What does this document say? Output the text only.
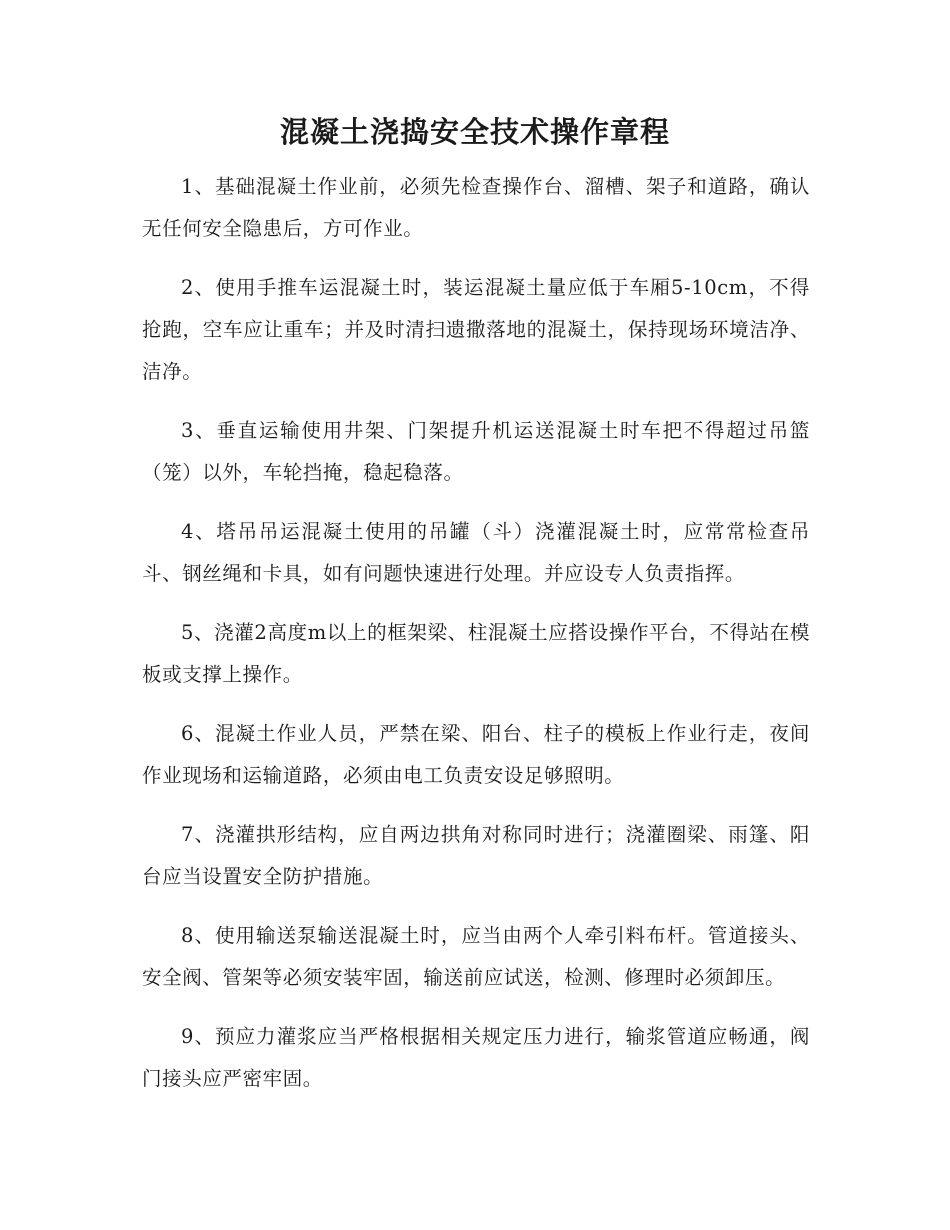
混凝土浇捣安全技术操作章程

1、基础混凝土作业前，必须先检查操作台、溜槽、架子和道路，确认无任何安全隐患后，方可作业。

2、使用手推车运混凝土时，装运混凝土量应低于车厢5-10cm，不得抢跑，空车应让重车；并及时清扫遗撒落地的混凝土，保持现场环境洁净、洁净。

3、垂直运输使用井架、门架提升机运送混凝土时车把不得超过吊篮（笼）以外，车轮挡掩，稳起稳落。

4、塔吊吊运混凝土使用的吊罐（斗）浇灌混凝土时，应常常检查吊斗、钢丝绳和卡具，如有问题快速进行处理。并应设专人负责指挥。

5、浇灌2高度m以上的框架梁、柱混凝土应搭设操作平台，不得站在模板或支撑上操作。

6、混凝土作业人员，严禁在梁、阳台、柱子的模板上作业行走，夜间作业现场和运输道路，必须由电工负责安设足够照明。

7、浇灌拱形结构，应自两边拱角对称同时进行；浇灌圈梁、雨篷、阳台应当设置安全防护措施。

8、使用输送泵输送混凝土时，应当由两个人牵引料布杆。管道接头、安全阀、管架等必须安装牢固，输送前应试送，检测、修理时必须卸压。

9、预应力灌浆应当严格根据相关规定压力进行，输浆管道应畅通，阀门接头应严密牢固。
